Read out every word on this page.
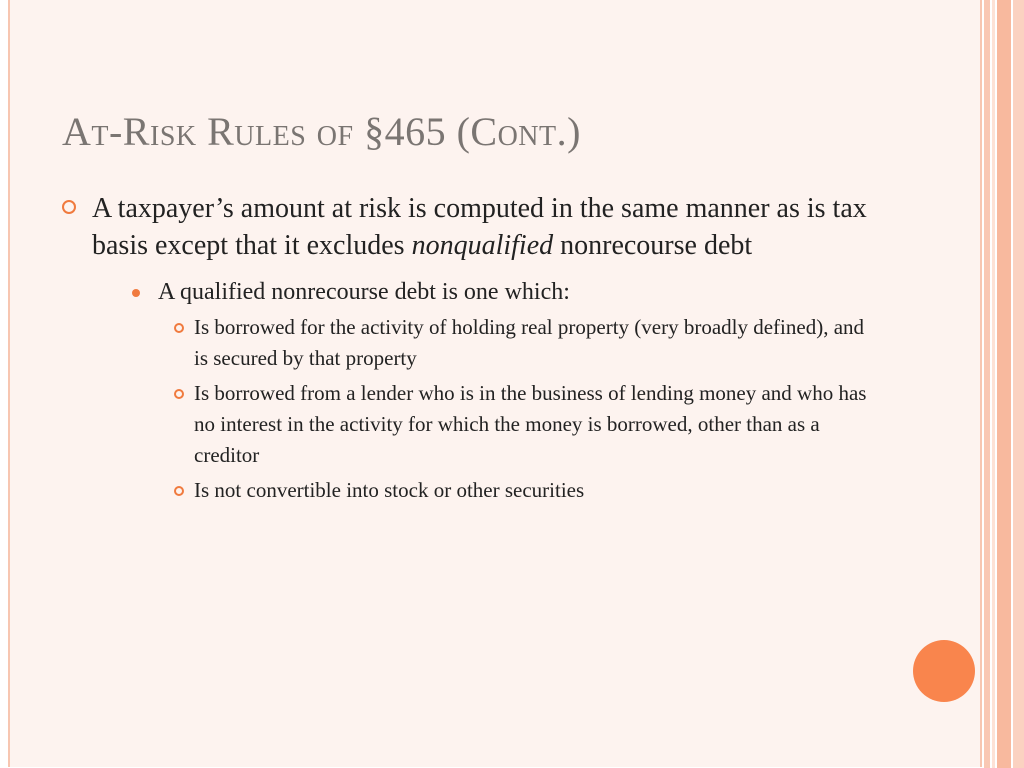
At-Risk Rules of §465 (Cont.)

A taxpayer’s amount at risk is computed in the same manner as is tax basis except that it excludes nonqualified nonrecourse debt

A qualified nonrecourse debt is one which:
Is borrowed for the activity of holding real property (very broadly defined), and is secured by that property
Is borrowed from a lender who is in the business of lending money and who has no interest in the activity for which the money is borrowed, other than as a creditor
Is not convertible into stock or other securities
